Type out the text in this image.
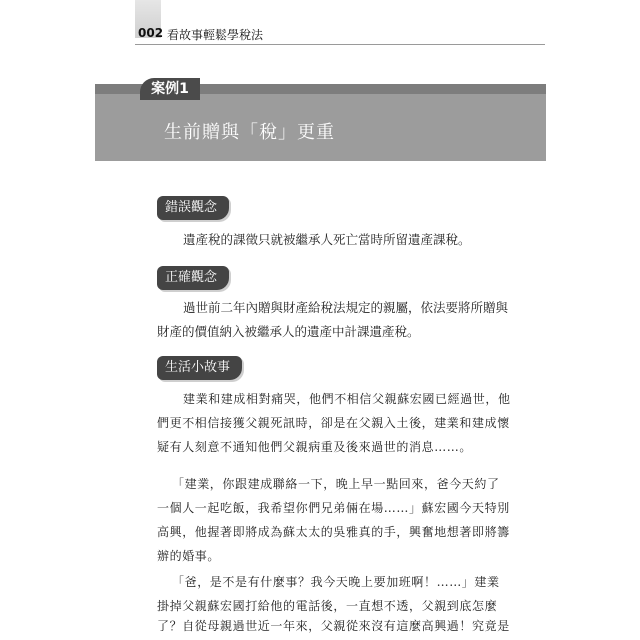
002 看故事輕鬆學稅法
案例1
生前贈與「稅」更重
錯誤觀念

遺產稅的課徵只就被繼承人死亡當時所留遺產課稅。

正確觀念

過世前二年內贈與財產給稅法規定的親屬，依法要將所贈與

財產的價值納入被繼承人的遺產中計課遺產稅。

生活小故事

建業和建成相對痛哭，他們不相信父親蘇宏國已經過世，他

們更不相信接獲父親死訊時，卻是在父親入土後，建業和建成懷

疑有人刻意不通知他們父親病重及後來過世的消息……。

「建業，你跟建成聯絡一下，晚上早一點回來，爸今天約了

一個人一起吃飯，我希望你們兄弟倆在場……」蘇宏國今天特別

高興，他握著即將成為蘇太太的吳雅真的手，興奮地想著即將籌

辦的婚事。

「爸，是不是有什麼事？我今天晚上要加班啊！……」建業

掛掉父親蘇宏國打給他的電話後，一直想不透，父親到底怎麼

了？自從母親過世近一年來，父親從來沒有這麼高興過！究竟是
